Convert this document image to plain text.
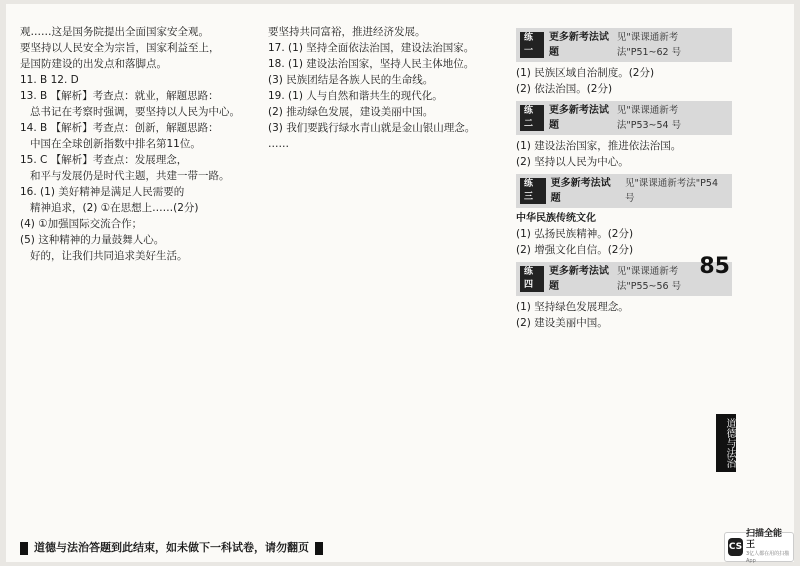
观……这是国务院提出全面国家安全观。
要坚持以人民安全为宗旨，国家利益至上，
是国防建设的出发点和落脚点。
11. B 12. D
13. B 【解析】考查点：就业，解题思路：
总书记在考察时强调，要坚持以人民为中心。
14. B 【解析】考查点：创新，解题思路：
中国在全球创新指数中排名第11位。
15. C 【解析】考查点：发展理念，
和平与发展仍是时代主题，共建一带一路。
16. (1) 美好精神是满足人民需要的
精神追求，(2) ①在思想上……(2分)
(4) ①加强国际交流合作；
(5) 这种精神的力量鼓舞人心。
好的，让我们共同追求美好生活。
要坚持共同富裕，推进经济发展。
17. (1) 坚持全面依法治国，建设法治国家。
18. (1) 建设法治国家，坚持人民主体地位。
(3) 民族团结是各族人民的生命线。
19. (1) 人与自然和谐共生的现代化。
(2) 推动绿色发展，建设美丽中国。
(3) 我们要践行绿水青山就是金山银山理念。
……
练一
更多新考法试题
见"课课通新考法"P51~62 号
(1) 民族区域自治制度。(2分)
(2) 依法治国。(2分)
练二
更多新考法试题
见"课课通新考法"P53~54 号
(1) 建设法治国家，推进依法治国。
(2) 坚持以人民为中心。
练三
更多新考法试题
见"课课通新考法"P54 号
中华民族传统文化
(1) 弘扬民族精神。(2分)
(2) 增强文化自信。(2分)
练四
更多新考法试题
见"课课通新考法"P55~56 号
(1) 坚持绿色发展理念。
(2) 建设美丽中国。
85
道德与法治
道德与法治答题到此结束，如未做下一科试卷，请勿翻页	CS
扫描全能王
3亿人都在用的扫描App
